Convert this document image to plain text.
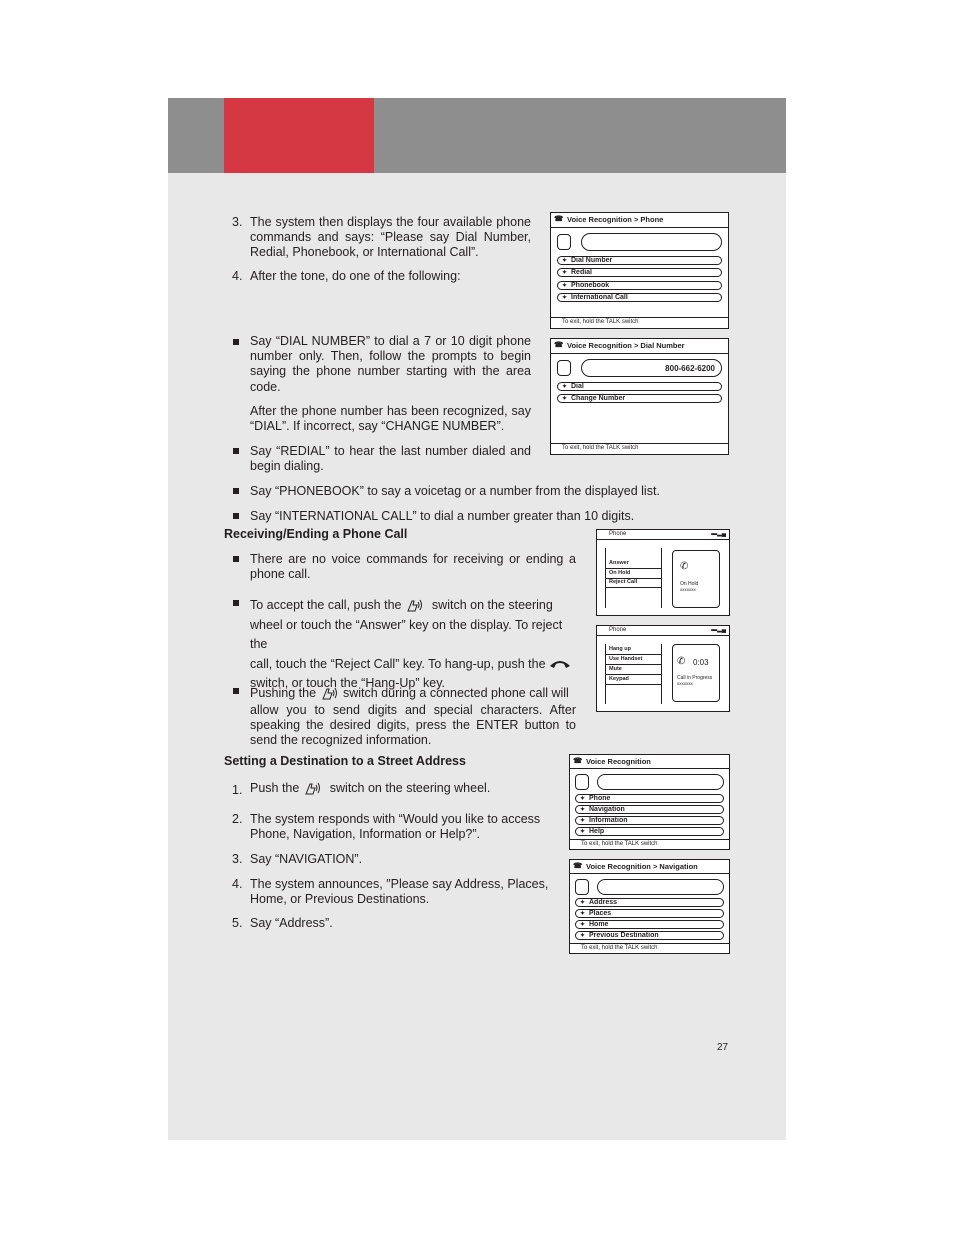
3. The system then displays the four available phone commands and says: “Please say Dial Number, Redial, Phonebook, or International Call”.
4. After the tone, do one of the following:
Say “DIAL NUMBER” to dial a 7 or 10 digit phone number only. Then, follow the prompts to begin saying the phone number starting with the area code.
After the phone number has been recognized, say “DIAL”. If incorrect, say “CHANGE NUMBER”.
Say “REDIAL” to hear the last number dialed and begin dialing.
Say “PHONEBOOK” to say a voicetag or a number from the displayed list.
Say “INTERNATIONAL CALL” to dial a number greater than 10 digits.
Receiving/Ending a Phone Call
There are no voice commands for receiving or ending a phone call.
To accept the call, push the switch on the steering
wheel or touch the “Answer” key on the display. To reject the
call, touch the “Reject Call” key. To hang-up, push the
switch, or touch the “Hang-Up” key.
Pushing the switch during a connected phone call will
allow you to send digits and special characters. After speaking the desired digits, press the ENTER button to send the recognized information.
Setting a Destination to a Street Address
1. Push the switch on the steering wheel.
2. The system responds with “Would you like to access Phone, Navigation, Information or Help?”.
3. Say “NAVIGATION”.
4. The system announces, ″Please say Address, Places, Home, or Previous Destinations.
5. Say “Address”.
27
☎ Voice Recognition > Phone
✦ Dial Number
✦ Redial
✦ Phonebook
✦ International Call
To exit, hold the TALK switch
☎ Voice Recognition > Dial Number
800-662-6200
✦ Dial
✦ Change Number
To exit, hold the TALK switch
Phone	▬▂▄
Answer
On Hold
Reject Call
✆
On Hold
xxxxxxx
Phone	▬▂▄
Hang up
Use Handset
Mute
Keypad
✆ 0:03
Call in Progress
xxxxxxx
☎ Voice Recognition
✦ Phone
✦ Navigation
✦ Information
✦ Help
To exit, hold the TALK switch
☎ Voice Recognition > Navigation
✦ Address
✦ Places
✦ Home
✦ Previous Destination
To exit, hold the TALK switch
